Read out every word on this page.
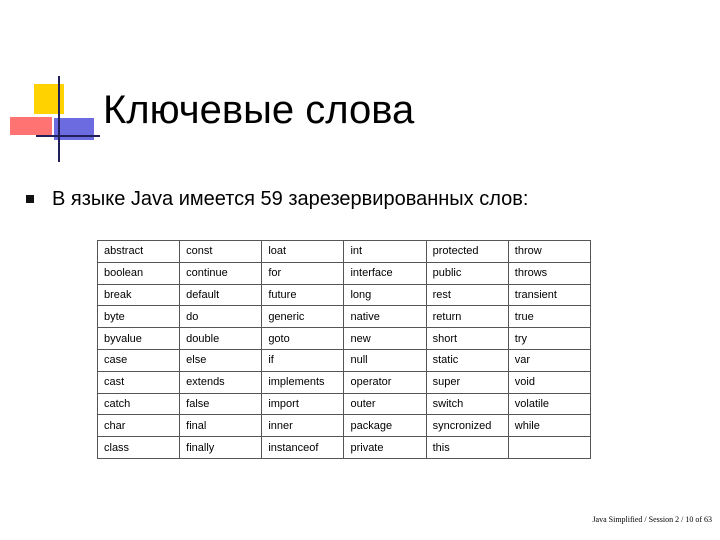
Ключевые слова
В языке Java имеется 59 зарезервированных слов:
abstract	const	loat	int	protected	throw
boolean	continue	for	interface	public	throws
break	default	future	long	rest	transient
byte	do	generic	native	return	true
byvalue	double	goto	new	short	try
case	else	if	null	static	var
cast	extends	implements	operator	super	void
catch	false	import	outer	switch	volatile
char	final	inner	package	syncronized	while
class	finally	instanceof	private	this	
Java Simplified / Session 2 / 10 of 63
